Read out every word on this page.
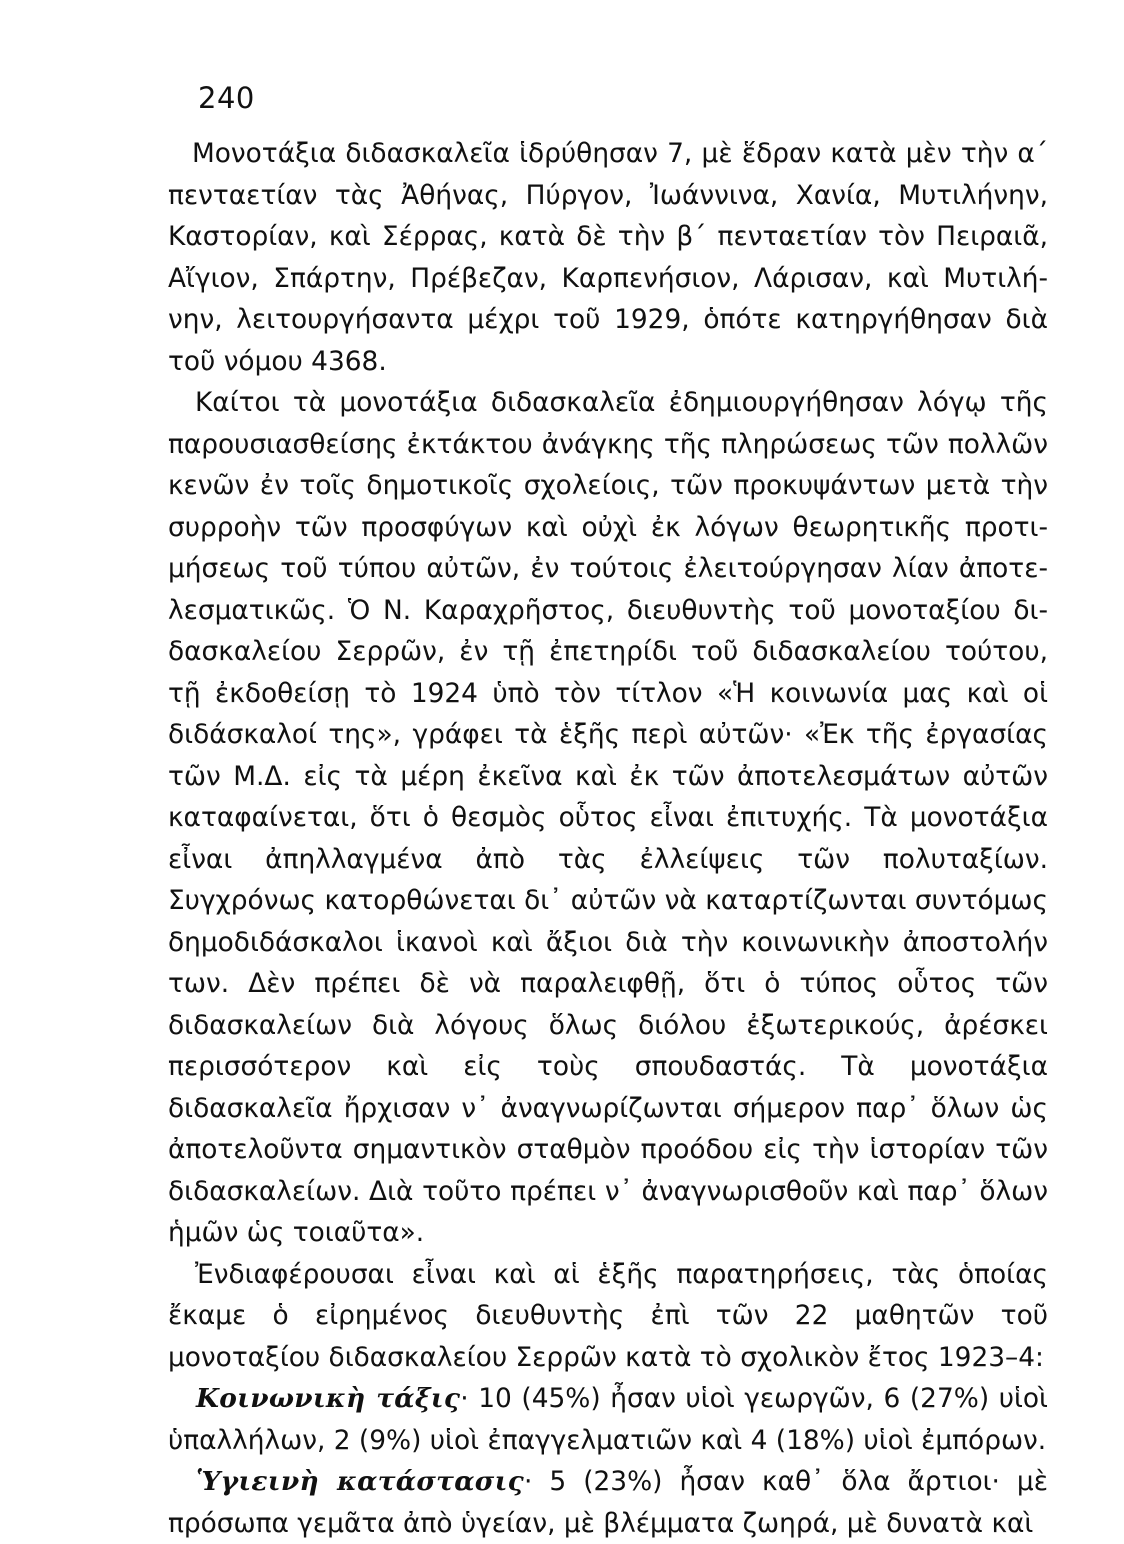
240

Μονοτάξια διδασκαλεῖα ἱδρύθησαν 7, μὲ ἕδραν κατὰ μὲν τὴν α΄ πενταετίαν τὰς Ἀθήνας, Πύργον, Ἰωάννινα, Χανία, Μυτιλήνην, Καστορίαν, καὶ Σέρρας, κατὰ δὲ τὴν β΄ πενταετίαν τὸν Πειραιᾶ, Αἴγιον, Σπάρτην, Πρέβεζαν, Καρπενήσιον, Λάρισαν, καὶ Μυτιλήνην, λειτουργήσαντα μέχρι τοῦ 1929, ὁπότε κατηργήθησαν διὰ τοῦ νόμου 4368.

Καίτοι τὰ μονοτάξια διδασκαλεῖα ἐδημιουργήθησαν λόγῳ τῆς παρουσιασθείσης ἐκτάκτου ἀνάγκης τῆς πληρώσεως τῶν πολλῶν κενῶν ἐν τοῖς δημοτικοῖς σχολείοις, τῶν προκυψάντων μετὰ τὴν συρροὴν τῶν προσφύγων καὶ οὐχὶ ἐκ λόγων θεωρητικῆς προτιμήσεως τοῦ τύπου αὐτῶν, ἐν τούτοις ἐλειτούργησαν λίαν ἀποτελεσματικῶς. Ὁ Ν. Καραχρῆστος, διευθυντὴς τοῦ μονοταξίου διδασκαλείου Σερρῶν, ἐν τῇ ἐπετηρίδι τοῦ διδασκαλείου τούτου, τῇ ἐκδοθείσῃ τὸ 1924 ὑπὸ τὸν τίτλον «Ἡ κοινωνία μας καὶ οἱ διδάσκαλοί της», γράφει τὰ ἑξῆς περὶ αὐτῶν· «Ἐκ τῆς ἐργασίας τῶν Μ.Δ. εἰς τὰ μέρη ἐκεῖνα καὶ ἐκ τῶν ἀποτελεσμάτων αὐτῶν καταφαίνεται, ὅτι ὁ θεσμὸς οὗτος εἶναι ἐπιτυχής. Τὰ μονοτάξια εἶναι ἀπηλλαγμένα ἀπὸ τὰς ἐλλείψεις τῶν πολυταξίων. Συγχρόνως κατορθώνεται δι᾽ αὐτῶν νὰ καταρτίζωνται συντόμως δημοδιδάσκαλοι ἱκανοὶ καὶ ἄξιοι διὰ τὴν κοινωνικὴν ἀποστολήν των. Δὲν πρέπει δὲ νὰ παραλειφθῇ, ὅτι ὁ τύπος οὗτος τῶν διδασκαλείων διὰ λόγους ὅλως διόλου ἐξωτερικούς, ἀρέσκει περισσότερον καὶ εἰς τοὺς σπουδαστάς. Τὰ μονοτάξια διδασκαλεῖα ἤρχισαν ν᾽ ἀναγνωρίζωνται σήμερον παρ᾽ ὅλων ὡς ἀποτελοῦντα σημαντικὸν σταθμὸν προόδου εἰς τὴν ἱστορίαν τῶν διδασκαλείων. Διὰ τοῦτο πρέπει ν᾽ ἀναγνωρισθοῦν καὶ παρ᾽ ὅλων ἡμῶν ὡς τοιαῦτα».

Ἐνδιαφέρουσαι εἶναι καὶ αἱ ἑξῆς παρατηρήσεις, τὰς ὁποίας ἔκαμε ὁ εἰρημένος διευθυντὴς ἐπὶ τῶν 22 μαθητῶν τοῦ μονοταξίου διδασκαλείου Σερρῶν κατὰ τὸ σχολικὸν ἔτος 1923–4:

Κοινωνικὴ τάξις· 10 (45%) ἦσαν υἱοὶ γεωργῶν, 6 (27%) υἱοὶ ὑπαλλήλων, 2 (9%) υἱοὶ ἐπαγγελματιῶν καὶ 4 (18%) υἱοὶ ἐμπόρων.

Ὑγιεινὴ κατάστασις· 5 (23%) ἦσαν καθ᾽ ὅλα ἄρτιοι· μὲ πρόσωπα γεμᾶτα ἀπὸ ὑγείαν, μὲ βλέμματα ζωηρά, μὲ δυνατὰ καὶ
